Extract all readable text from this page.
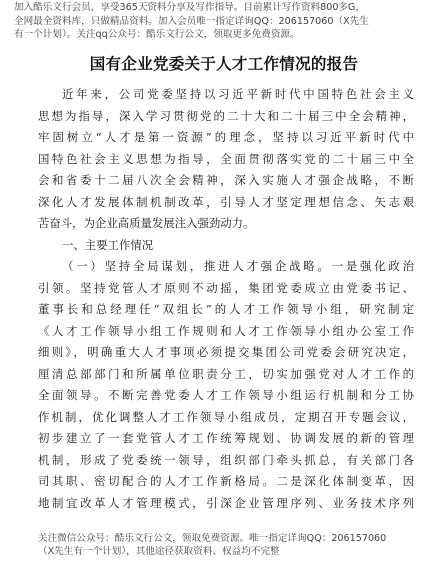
加入酷乐文行会员，享受365天资料分享及写作指导。目前累计写作资料800多G，
全网最全资料库，只做精品资料。加入会员唯一指定详询QQ：206157060（X先生
有一个计划）。关注qq公众号：酷乐文行公文，领取更多免费资源。
国有企业党委关于人才工作情况的报告
近年来，公司党委坚持以习近平新时代中国特色社会主义
思想为指导，深入学习贯彻党的二十大和二十届三中全会精神，
牢固树立“人才是第一资源”的理念，坚持以习近平新时代中
国特色社会主义思想为指导，全面贯彻落实党的二十届三中全
会和省委十二届八次全会精神，深入实施人才强企战略，不断
深化人才发展体制机制改革，引导人才坚定理想信念、矢志艰
苦奋斗，为企业高质量发展注入强劲动力。
一、主要工作情况
（一）坚持全局谋划，推进人才强企战略。一是强化政治
引领。坚持党管人才原则不动摇，集团党委成立由党委书记、
董事长和总经理任“双组长”的人才工作领导小组，研究制定
《人才工作领导小组工作规则和人才工作领导小组办公室工作
细则》，明确重大人才事项必须提交集团公司党委会研究决定，
厘清总部部门和所属单位职责分工，切实加强党对人才工作的
全面领导。不断完善党委人才工作领导小组运行机制和分工协
作机制，优化调整人才工作领导小组成员，定期召开专题会议，
初步建立了一套党管人才工作统筹规划、协调发展的新的管理
机制，形成了党委统一领导，组织部门牵头抓总，有关部门各
司其职、密切配合的人才工作新格局。二是深化体制变革，因
地制宜改革人才管理模式，引深企业管理序列、业务技术序列
关注微信公众号：酷乐文行公文，领取免费资源。唯一指定详询QQ：206157060
（X先生有一个计划），其他途径获取资料、权益均不完整
